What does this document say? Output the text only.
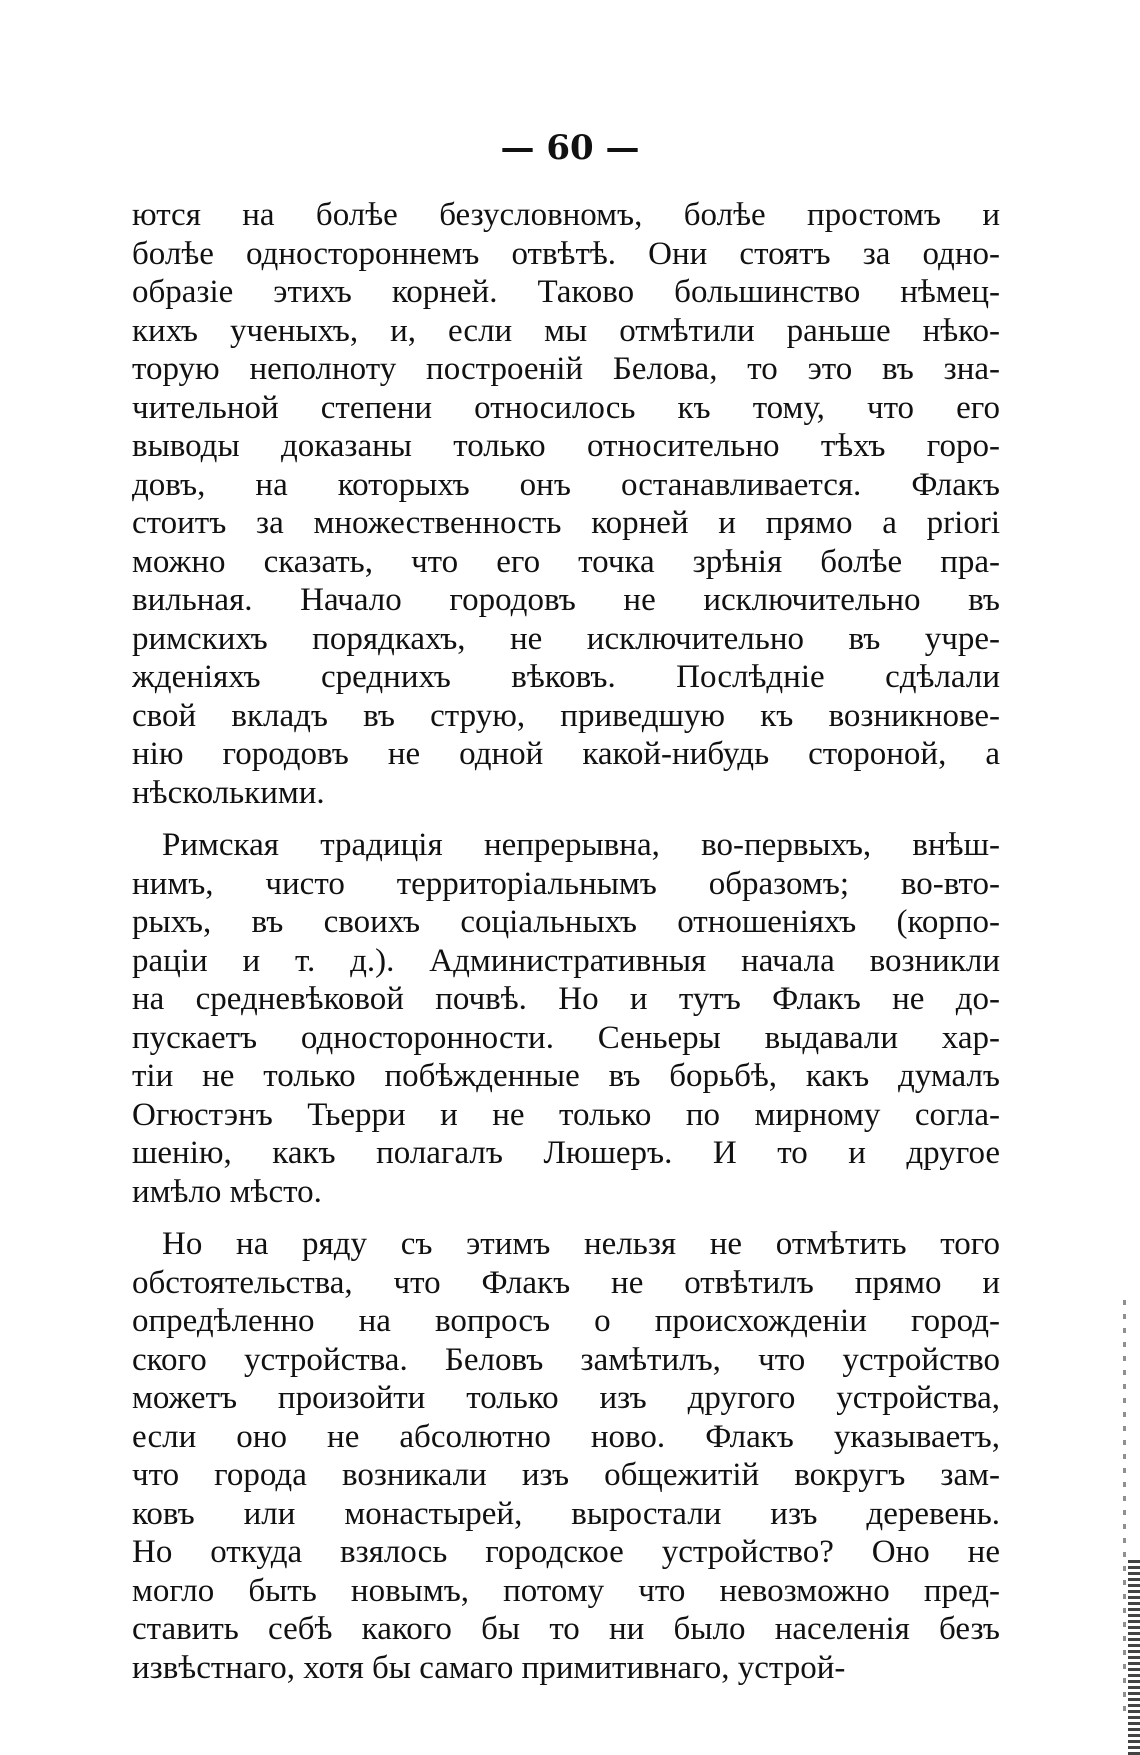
— 60 —
ются на болѣе безусловномъ, болѣе простомъ и
болѣе одностороннемъ отвѣтѣ. Они стоятъ за одно-
образіе этихъ корней. Таково большинство нѣмец-
кихъ ученыхъ, и, если мы отмѣтили раньше нѣко-
торую неполноту построеній Белова, то это въ зна-
чительной степени относилось къ тому, что его
выводы доказаны только относительно тѣхъ горо-
довъ, на которыхъ онъ останавливается. Флакъ
стоитъ за множественность корней и прямо a priori
можно сказать, что его точка зрѣнія болѣе пра-
вильная. Начало городовъ не исключительно въ
римскихъ порядкахъ, не исключительно въ учре-
жденіяхъ среднихъ вѣковъ. Послѣдніе сдѣлали
свой вкладъ въ струю, приведшую къ возникнове-
нію городовъ не одной какой-нибудь стороной, а
нѣсколькими.
Римская традиція непрерывна, во-первыхъ, внѣш-
нимъ, чисто территоріальнымъ образомъ; во-вто-
рыхъ, въ своихъ соціальныхъ отношеніяхъ (корпо-
раціи и т. д.). Административныя начала возникли
на средневѣковой почвѣ. Но и тутъ Флакъ не до-
пускаетъ односторонности. Сеньеры выдавали хар-
тіи не только побѣжденные въ борьбѣ, какъ думалъ
Огюстэнъ Тьерри и не только по мирному согла-
шенію, какъ полагалъ Люшеръ. И то и другое
имѣло мѣсто.
Но на ряду съ этимъ нельзя не отмѣтить того
обстоятельства, что Флакъ не отвѣтилъ прямо и
опредѣленно на вопросъ о происхожденіи город-
ского устройства. Беловъ замѣтилъ, что устройство
можетъ произойти только изъ другого устройства,
если оно не абсолютно ново. Флакъ указываетъ,
что города возникали изъ общежитій вокругъ зам-
ковъ или монастырей, выростали изъ деревень.
Но откуда взялось городское устройство? Оно не
могло быть новымъ, потому что невозможно пред-
ставить себѣ какого бы то ни было населенія безъ
извѣстнаго, хотя бы самаго примитивнаго, устрой-
